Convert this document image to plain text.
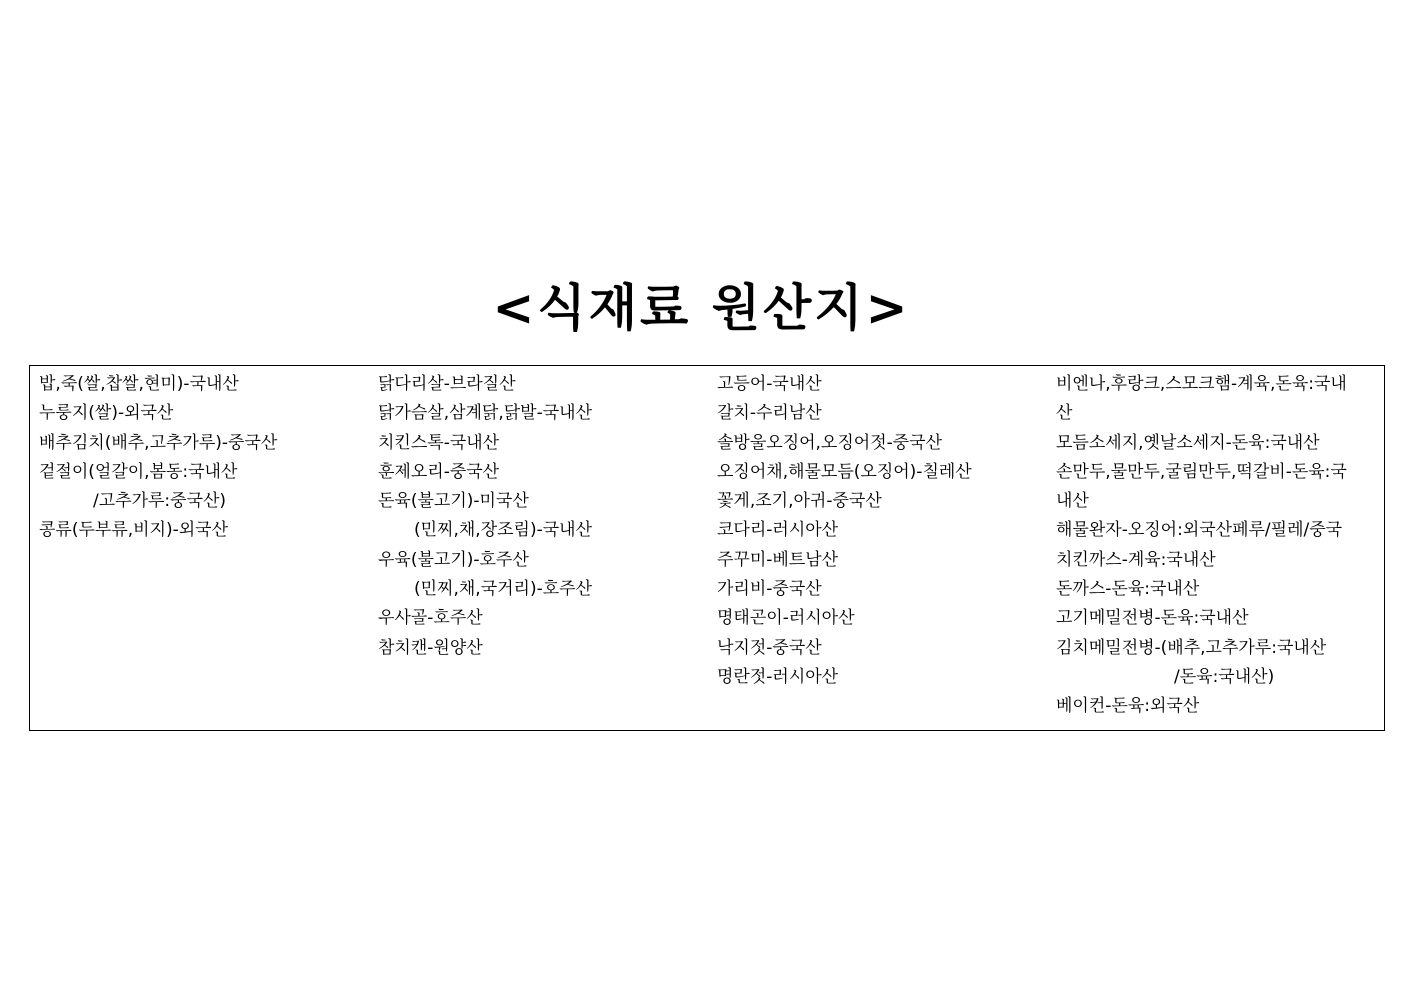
<식재료 원산지>
밥,죽(쌀,찹쌀,현미)-국내산
누룽지(쌀)-외국산
배추김치(배추,고추가루)-중국산
겉절이(얼갈이,봄동:국내산
/고추가루:중국산)
콩류(두부류,비지)-외국산
닭다리살-브라질산
닭가슴살,삼계닭,닭발-국내산
치킨스톡-국내산
훈제오리-중국산
돈육(불고기)-미국산
(민찌,채,장조림)-국내산
우육(불고기)-호주산
(민찌,채,국거리)-호주산
우사골-호주산
참치캔-원양산
고등어-국내산
갈치-수리남산
솔방울오징어,오징어젓-중국산
오징어채,해물모듬(오징어)-칠레산
꽃게,조기,아귀-중국산
코다리-러시아산
주꾸미-베트남산
가리비-중국산
명태곤이-러시아산
낙지젓-중국산
명란젓-러시아산
비엔나,후랑크,스모크햄-계육,돈육:국내
산
모듬소세지,옛날소세지-돈육:국내산
손만두,물만두,굴림만두,떡갈비-돈육:국
내산
해물완자-오징어:외국산페루/필레/중국
치킨까스-계육:국내산
돈까스-돈육:국내산
고기메밀전병-돈육:국내산
김치메밀전병-(배추,고추가루:국내산
/돈육:국내산)
베이컨-돈육:외국산
